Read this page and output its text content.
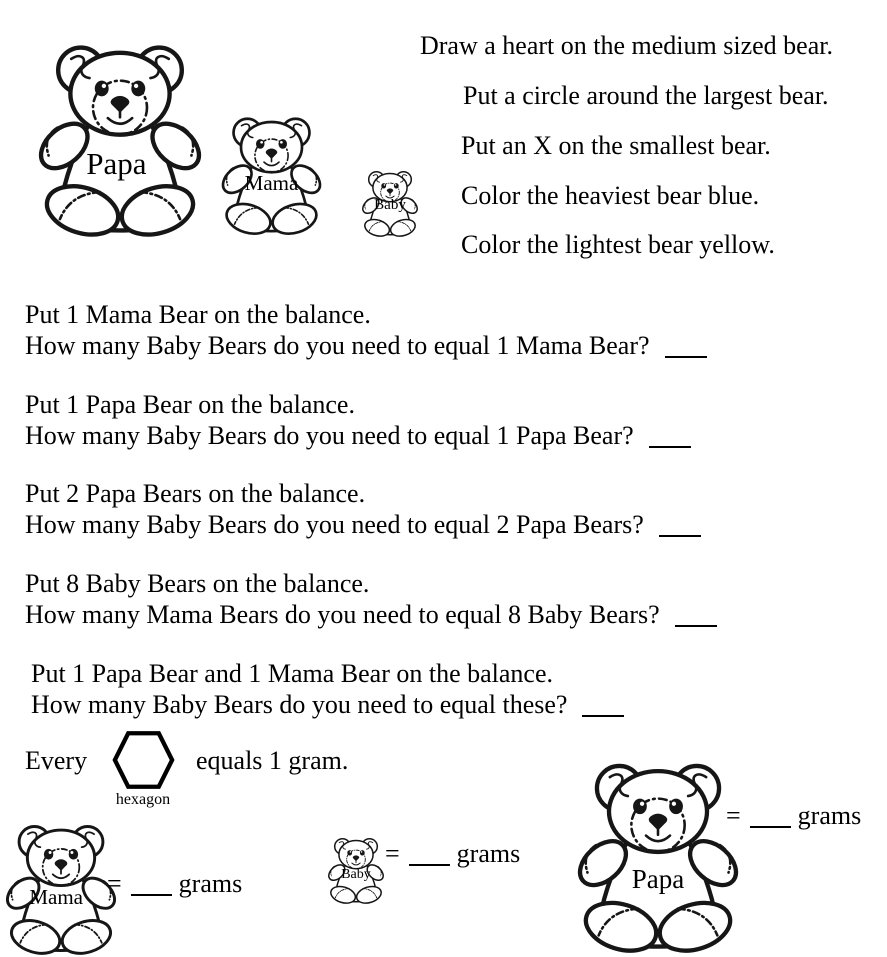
Papa
Mama
Baby
Draw a heart on the medium sized bear.
Put a circle around the largest bear.
Put an X on the smallest bear.
Color the heaviest bear blue.
Color the lightest bear yellow.
Put 1 Mama Bear on the balance.
How many Baby Bears do you need to equal 1 Mama Bear?
Put 1 Papa Bear on the balance.
How many Baby Bears do you need to equal 1 Papa Bear?
Put 2 Papa Bears on the balance.
How many Baby Bears do you need to equal 2 Papa Bears?
Put 8 Baby Bears on the balance.
How many Mama Bears do you need to equal 8 Baby Bears?
Put 1 Papa Bear and 1 Mama Bear on the balance.
How many Baby Bears do you need to equal these?
Every
hexagon
equals 1 gram.
Mama = grams	Baby
= grams
Papa
= grams
